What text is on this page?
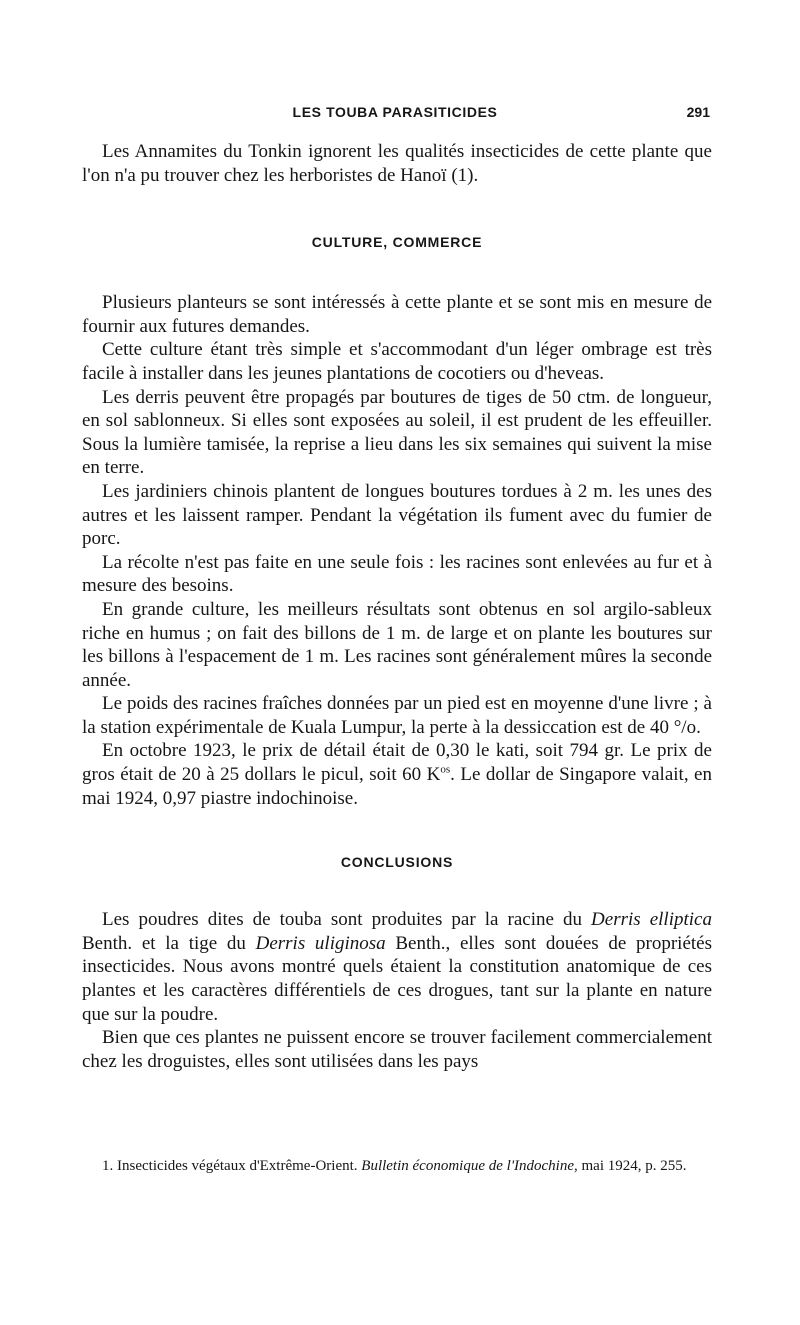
LES TOUBA PARASITICIDES	291

Les Annamites du Tonkin ignorent les qualités insecticides de cette plante que l'on n'a pu trouver chez les herboristes de Hanoï (1).

CULTURE, COMMERCE

Plusieurs planteurs se sont intéressés à cette plante et se sont mis en mesure de fournir aux futures demandes.

Cette culture étant très simple et s'accommodant d'un léger ombrage est très facile à installer dans les jeunes plantations de cocotiers ou d'heveas.

Les derris peuvent être propagés par boutures de tiges de 50 ctm. de longueur, en sol sablonneux. Si elles sont exposées au soleil, il est prudent de les effeuiller. Sous la lumière tamisée, la reprise a lieu dans les six semaines qui suivent la mise en terre.

Les jardiniers chinois plantent de longues boutures tordues à 2 m. les unes des autres et les laissent ramper. Pendant la végétation ils fument avec du fumier de porc.

La récolte n'est pas faite en une seule fois : les racines sont enlevées au fur et à mesure des besoins.

En grande culture, les meilleurs résultats sont obtenus en sol argilo-sableux riche en humus ; on fait des billons de 1 m. de large et on plante les boutures sur les billons à l'espacement de 1 m. Les racines sont généralement mûres la seconde année.

Le poids des racines fraîches données par un pied est en moyenne d'une livre ; à la station expérimentale de Kuala Lumpur, la perte à la dessiccation est de 40 °/o.

En octobre 1923, le prix de détail était de 0,30 le kati, soit 794 gr. Le prix de gros était de 20 à 25 dollars le picul, soit 60 $K^{os}$. Le dollar de Singapore valait, en mai 1924, 0,97 piastre indochinoise.

CONCLUSIONS

Les poudres dites de touba sont produites par la racine du Derris elliptica Benth. et la tige du Derris uliginosa Benth., elles sont douées de propriétés insecticides. Nous avons montré quels étaient la constitution anatomique de ces plantes et les caractères différentiels de ces drogues, tant sur la plante en nature que sur la poudre.

Bien que ces plantes ne puissent encore se trouver facilement commercialement chez les droguistes, elles sont utilisées dans les pays

1. Insecticides végétaux d'Extrême-Orient. Bulletin économique de l'Indochine, mai 1924, p. 255.
